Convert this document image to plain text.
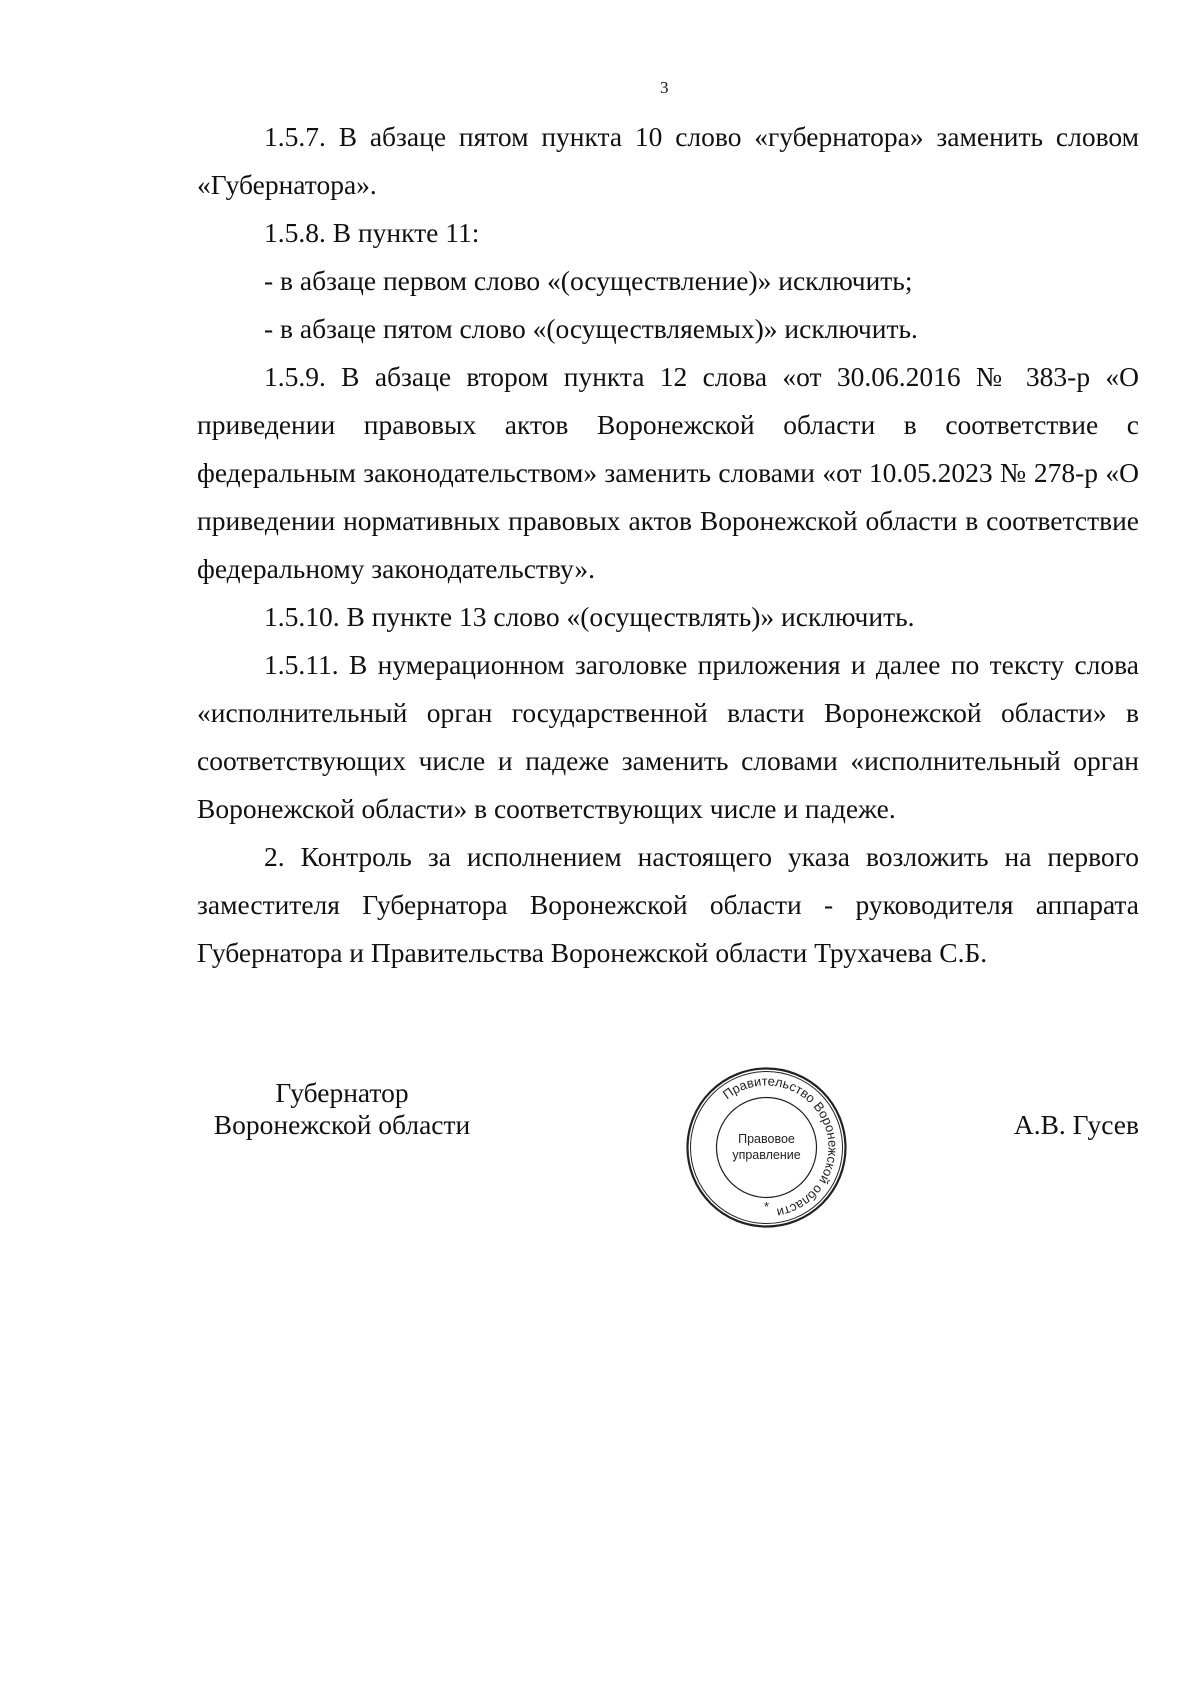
3

1.5.7. В абзаце пятом пункта 10 слово «губернатора» заменить словом «Губернатора».

1.5.8. В пункте 11:

- в абзаце первом слово «(осуществление)» исключить;

- в абзаце пятом слово «(осуществляемых)» исключить.

1.5.9. В абзаце втором пункта 12 слова «от 30.06.2016 № 383-р «О приведении правовых актов Воронежской области в соответствие с федеральным законодательством» заменить словами «от 10.05.2023 № 278-р «О приведении нормативных правовых актов Воронежской области в соответствие федеральному законодательству».

1.5.10. В пункте 13 слово «(осуществлять)» исключить.

1.5.11. В нумерационном заголовке приложения и далее по тексту слова «исполнительный орган государственной власти Воронежской области» в соответствующих числе и падеже заменить словами «исполнительный орган Воронежской области» в соответствующих числе и падеже.

2. Контроль за исполнением настоящего указа возложить на первого заместителя Губернатора Воронежской области - руководителя аппарата Губернатора и Правительства Воронежской области Трухачева С.Б.

Губернатор
Воронежской области
Правительство Воронежской области
Правовое
управление
*
А.В. Гусев
